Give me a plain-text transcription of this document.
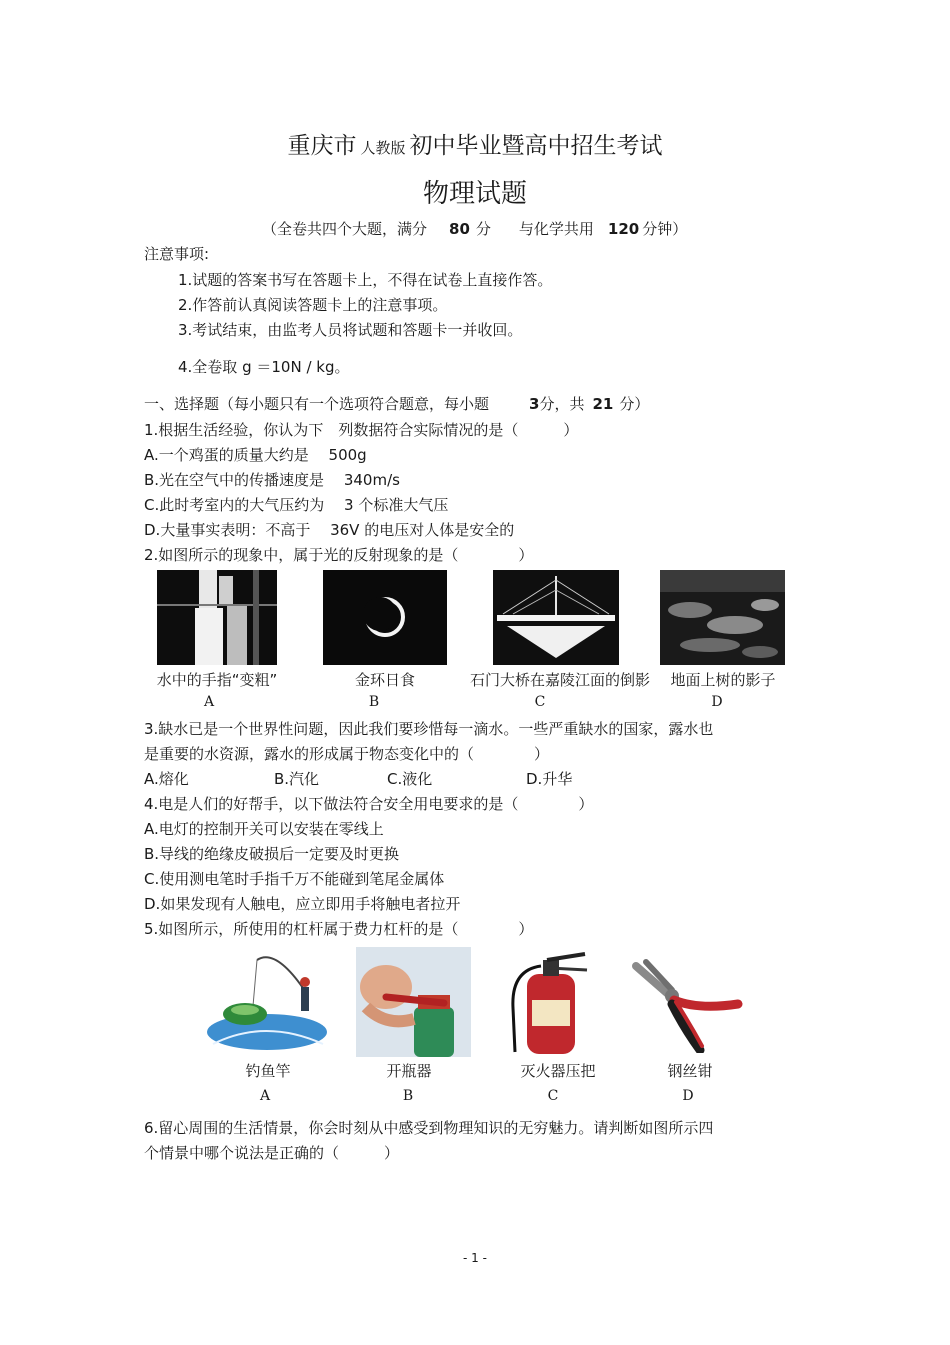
重庆市 人教版 初中毕业暨高中招生考试
物理试题
（全卷共四个大题，满分 80 分 与化学共用 120 分钟）
注意事项:
1.试题的答案书写在答题卡上，不得在试卷上直接作答。
2.作答前认真阅读答题卡上的注意事项。
3.考试结束，由监考人员将试题和答题卡一并收回。
4.全卷取 g ＝10N / kg。
一、选择题（每小题只有一个选项符合题意，每小题	3分，共 21 分）
1.根据生活经验，你认为下　列数据符合实际情况的是（　　　）
A.一个鸡蛋的质量大约是　 500g
B.光在空气中的传播速度是　 340m/s
C.此时考室内的大气压约为　 3 个标准大气压
D.大量事实表明：不高于　 36V 的电压对人体是安全的
2.如图所示的现象中，属于光的反射现象的是（　　　　）
水中的手指“变粗”
A
金环日食
B
石门大桥在嘉陵江面的倒影
C
地面上树的影子
D
3.缺水已是一个世界性问题，因此我们要珍惜每一滴水。一些严重缺水的国家，露水也
是重要的水资源，露水的形成属于物态变化中的（　　　　）
A.熔化	B.汽化	C.液化	D.升华
4.电是人们的好帮手，以下做法符合安全用电要求的是（　　　　）
A.电灯的控制开关可以安装在零线上
B.导线的绝缘皮破损后一定要及时更换
C.使用测电笔时手指千万不能碰到笔尾金属体
D.如果发现有人触电，应立即用手将触电者拉开
5.如图所示，所使用的杠杆属于费力杠杆的是（　　　　）
钓鱼竿
A
开瓶器
B
灭火器压把
C
钢丝钳
D
6.留心周围的生活情景，你会时刻从中感受到物理知识的无穷魅力。请判断如图所示四
个情景中哪个说法是正确的（　　　）
- 1 -
